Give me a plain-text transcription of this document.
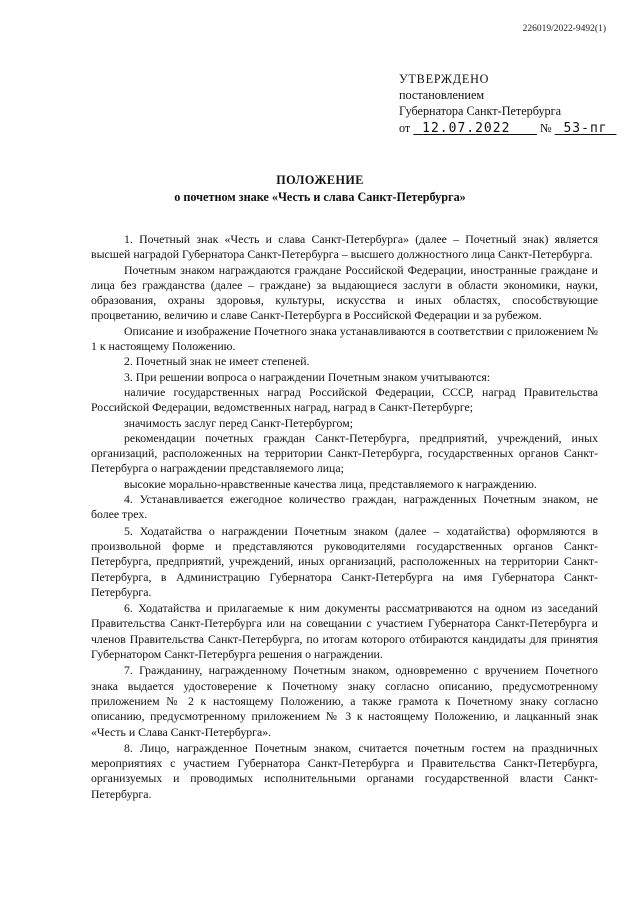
226019/2022-9492(1)
УТВЕРЖДЕНО
постановлением
Губернатора Санкт-Петербурга
от 12.07.2022 № 53-пг
ПОЛОЖЕНИЕ
о почетном знаке «Честь и слава Санкт-Петербурга»

1. Почетный знак «Честь и слава Санкт-Петербурга» (далее – Почетный знак) является высшей наградой Губернатора Санкт-Петербурга – высшего должностного лица Санкт-Петербурга.

Почетным знаком награждаются граждане Российской Федерации, иностранные граждане и лица без гражданства (далее – граждане) за выдающиеся заслуги в области экономики, науки, образования, охраны здоровья, культуры, искусства и иных областях, способствующие процветанию, величию и славе Санкт-Петербурга в Российской Федерации и за рубежом.

Описание и изображение Почетного знака устанавливаются в соответствии с приложением № 1 к настоящему Положению.

2. Почетный знак не имеет степеней.

3. При решении вопроса о награждении Почетным знаком учитываются:

наличие государственных наград Российской Федерации, СССР, наград Правительства Российской Федерации, ведомственных наград, наград в Санкт-Петербурге;

значимость заслуг перед Санкт-Петербургом;

рекомендации почетных граждан Санкт-Петербурга, предприятий, учреждений, иных организаций, расположенных на территории Санкт-Петербурга, государственных органов Санкт-Петербурга о награждении представляемого лица;

высокие морально-нравственные качества лица, представляемого к награждению.

4. Устанавливается ежегодное количество граждан, награжденных Почетным знаком, не более трех.

5. Ходатайства о награждении Почетным знаком (далее – ходатайства) оформляются в произвольной форме и представляются руководителями государственных органов Санкт-Петербурга, предприятий, учреждений, иных организаций, расположенных на территории Санкт-Петербурга, в Администрацию Губернатора Санкт-Петербурга на имя Губернатора Санкт-Петербурга.

6. Ходатайства и прилагаемые к ним документы рассматриваются на одном из заседаний Правительства Санкт-Петербурга или на совещании с участием Губернатора Санкт-Петербурга и членов Правительства Санкт-Петербурга, по итогам которого отбираются кандидаты для принятия Губернатором Санкт-Петербурга решения о награждении.

7. Гражданину, награжденному Почетным знаком, одновременно с вручением Почетного знака выдается удостоверение к Почетному знаку согласно описанию, предусмотренному приложением № 2 к настоящему Положению, а также грамота к Почетному знаку согласно описанию, предусмотренному приложением № 3 к настоящему Положению, и лацканный знак «Честь и Слава Санкт-Петербурга».

8. Лицо, награжденное Почетным знаком, считается почетным гостем на праздничных мероприятиях с участием Губернатора Санкт-Петербурга и Правительства Санкт-Петербурга, организуемых и проводимых исполнительными органами государственной власти Санкт-Петербурга.
